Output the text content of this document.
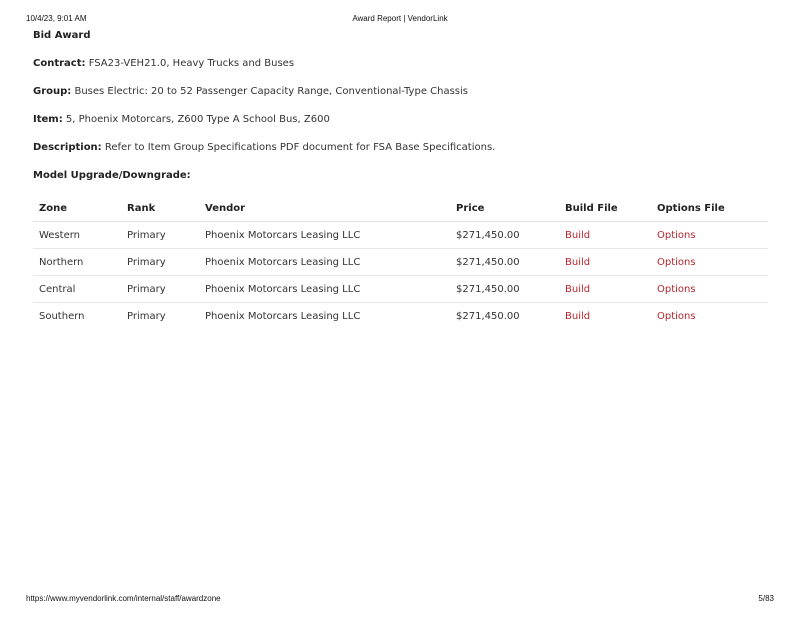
10/4/23, 9:01 AM	Award Report | VendorLink
Bid Award
Contract: FSA23-VEH21.0, Heavy Trucks and Buses
Group: Buses Electric: 20 to 52 Passenger Capacity Range, Conventional-Type Chassis
Item: 5, Phoenix Motorcars, Z600 Type A School Bus, Z600
Description: Refer to Item Group Specifications PDF document for FSA Base Specifications.
Model Upgrade/Downgrade:
Zone	Rank	Vendor	Price	Build File	Options File
Western	Primary	Phoenix Motorcars Leasing LLC	$271,450.00	Build	Options
Northern	Primary	Phoenix Motorcars Leasing LLC	$271,450.00	Build	Options
Central	Primary	Phoenix Motorcars Leasing LLC	$271,450.00	Build	Options
Southern	Primary	Phoenix Motorcars Leasing LLC	$271,450.00	Build	Options
https://www.myvendorlink.com/internal/staff/awardzone	5/83
